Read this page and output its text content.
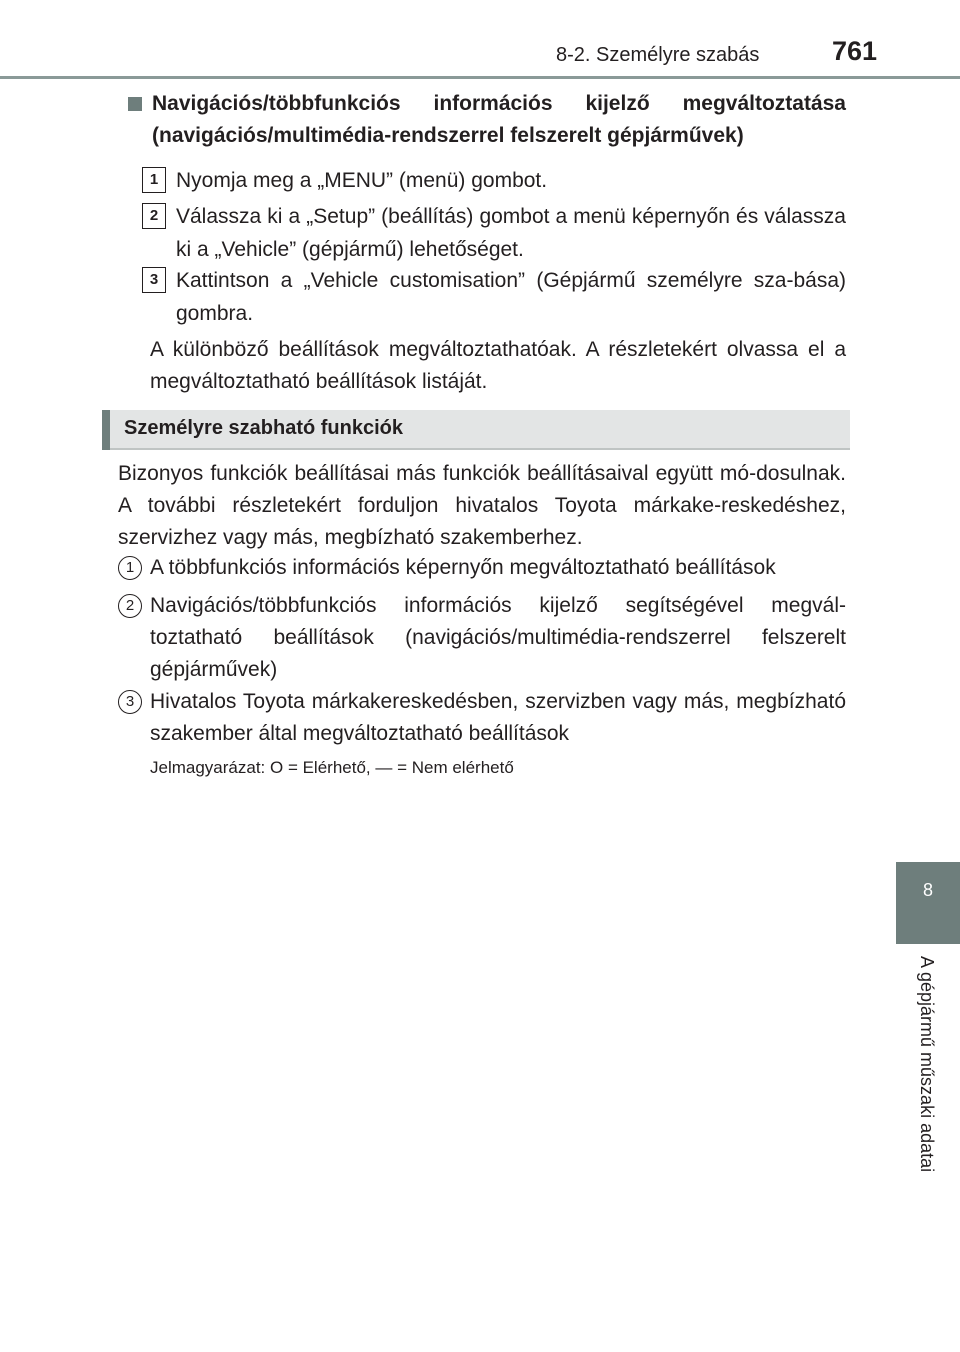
8-2. Személyre szabás	761
8
A gépjármű műszaki adatai
Navigációs/többfunkciós információs kijelző megváltoztatása (navigációs/multimédia-rendszerrel felszerelt gépjárművek)
1 Nyomja meg a „MENU” (menü) gombot.
2 Válassza ki a „Setup” (beállítás) gombot a menü képernyőn és válassza ki a „Vehicle” (gépjármű) lehetőséget.
3 Kattintson a „Vehicle customisation” (Gépjármű személyre sza-bása) gombra.
A különböző beállítások megváltoztathatóak. A részletekért olvassa el a megváltoztatható beállítások listáját.
Személyre szabható funkciók
Bizonyos funkciók beállításai más funkciók beállításaival együtt mó-dosulnak. A további részletekért forduljon hivatalos Toyota márkake-reskedéshez, szervizhez vagy más, megbízható szakemberhez.
1 A többfunkciós információs képernyőn megváltoztatható beállítások
2 Navigációs/többfunkciós információs kijelző segítségével megvál-toztatható beállítások (navigációs/multimédia-rendszerrel felszerelt gépjárművek)
3 Hivatalos Toyota márkakereskedésben, szervizben vagy más, megbízható szakember által megváltoztatható beállítások
Jelmagyarázat: O = Elérhető, — = Nem elérhető
